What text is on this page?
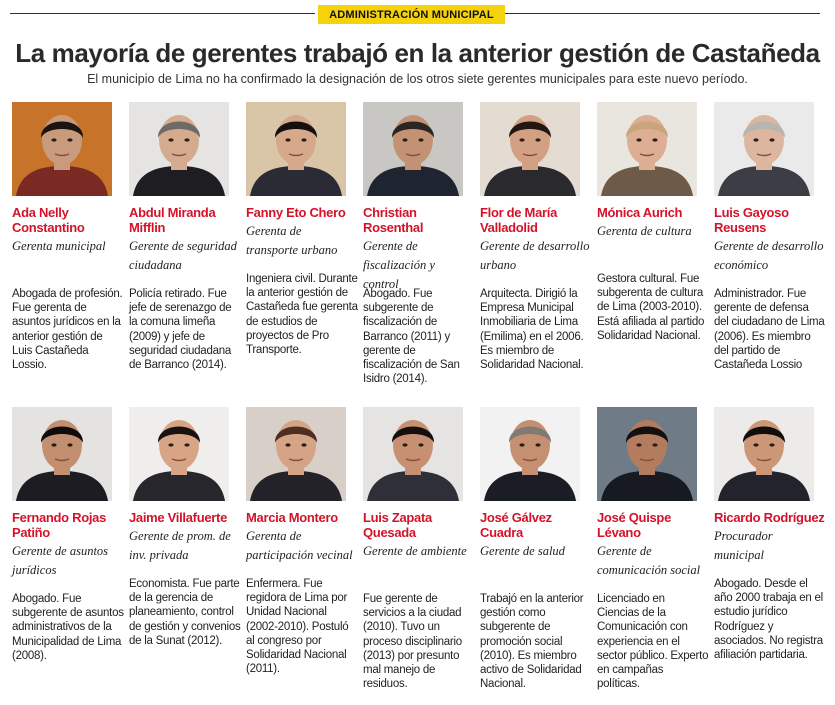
ADMINISTRACIÓN MUNICIPAL
La mayoría de gerentes trabajó en la anterior gestión de Castañeda

El municipio de Lima no ha confirmado la designación de los otros siete gerentes municipales para este nuevo período.

Ada Nelly Constantino
Gerenta municipal
Abogada de profesión. Fue gerenta de asuntos jurídicos en la anterior gestión de Luis Castañeda Lossio.
Abdul Miranda Mifflin
Gerente de seguridad ciudadana
Policía retirado. Fue jefe de serenazgo de la comuna limeña (2009) y jefe de seguridad ciudadana de Barranco (2014).
Fanny Eto Chero
Gerenta de transporte urbano
Ingeniera civil. Durante la anterior gestión de Castañeda fue gerenta de estudios de proyectos de Pro Transporte.
Christian Rosenthal
Gerente de fiscalización y control
Abogado. Fue subgerente de fiscalización de Barranco (2011) y gerente de fiscalización de San Isidro (2014).
Flor de María Valladolid
Gerente de desarrollo urbano
Arquitecta. Dirigió la Empresa Municipal Inmobiliaria de Lima (Emilima) en el 2006. Es miembro de Solidaridad Nacional.
Mónica Aurich
Gerenta de cultura
Gestora cultural. Fue subgerenta de cultura de Lima (2003-2010). Está afiliada al partido Solidaridad Nacional.
Luis Gayoso Reusens
Gerente de desarrollo económico
Administrador. Fue gerente de defensa del ciudadano de Lima (2006). Es miembro del partido de Castañeda Lossio
Fernando Rojas Patiño
Gerente de asuntos jurídicos
Abogado. Fue subgerente de asuntos administrativos de la Municipalidad de Lima (2008).
Jaime Villafuerte
Gerente de prom. de inv. privada
Economista. Fue parte de la gerencia de planeamiento, control de gestión y convenios de la Sunat (2012).
Marcia Montero
Gerenta de participación vecinal
Enfermera. Fue regidora de Lima por Unidad Nacional (2002-2010). Postuló al congreso por Solidaridad Nacional (2011).
Luis Zapata Quesada
Gerente de ambiente
Fue gerente de servicios a la ciudad (2010). Tuvo un proceso disciplinario (2013) por presunto mal manejo de residuos.
José Gálvez Cuadra
Gerente de salud
Trabajó en la anterior gestión como subgerente de promoción social (2010). Es miembro activo de Solidaridad Nacional.
José Quispe Lévano
Gerente de comunicación social
Licenciado en Ciencias de la Comunicación con experiencia en el sector público. Experto en campañas políticas.
Ricardo Rodríguez
Procurador municipal
Abogado. Desde el año 2000 trabaja en el estudio jurídico Rodríguez y asociados. No registra afiliación partidaria.
